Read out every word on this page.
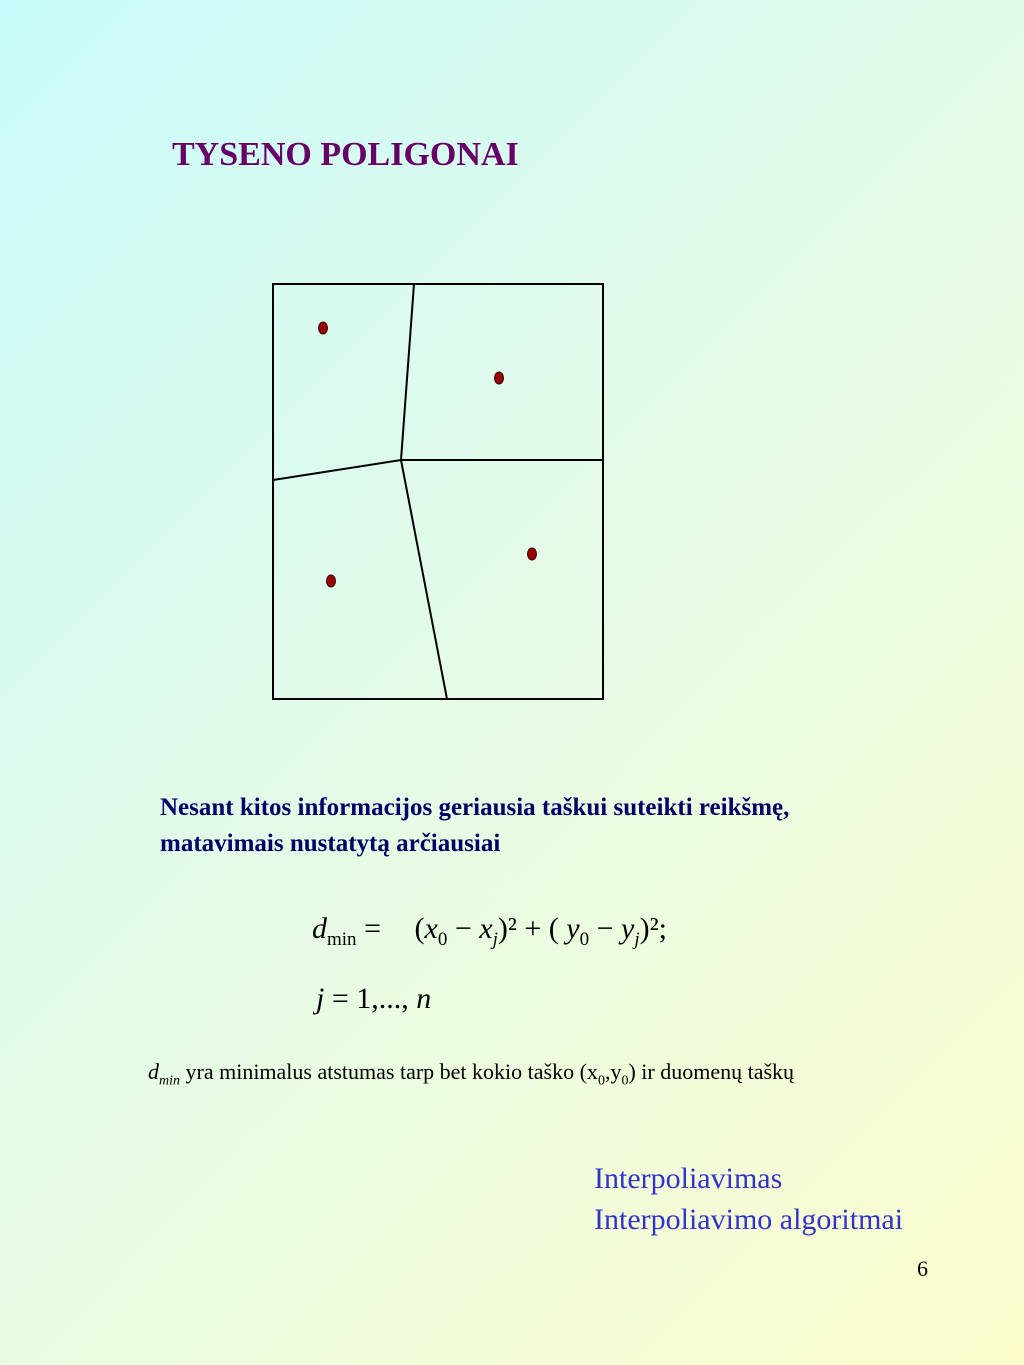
TYSENO POLIGONAI

Nesant kitos informacijos geriausia taškui suteikti reikšmę,
matavimais nustatytą arčiausiai

$d_{min} = (x_0 - x_j)^2$ + ( $y_0 - y_j)^2$;
j = 1,..., n

$d_{min}$ yra minimalus atstumas tarp bet kokio taško $(x_0,y_0)$ ir duomenų taškų

Interpoliavimas
Interpoliavimo algoritmai
6
